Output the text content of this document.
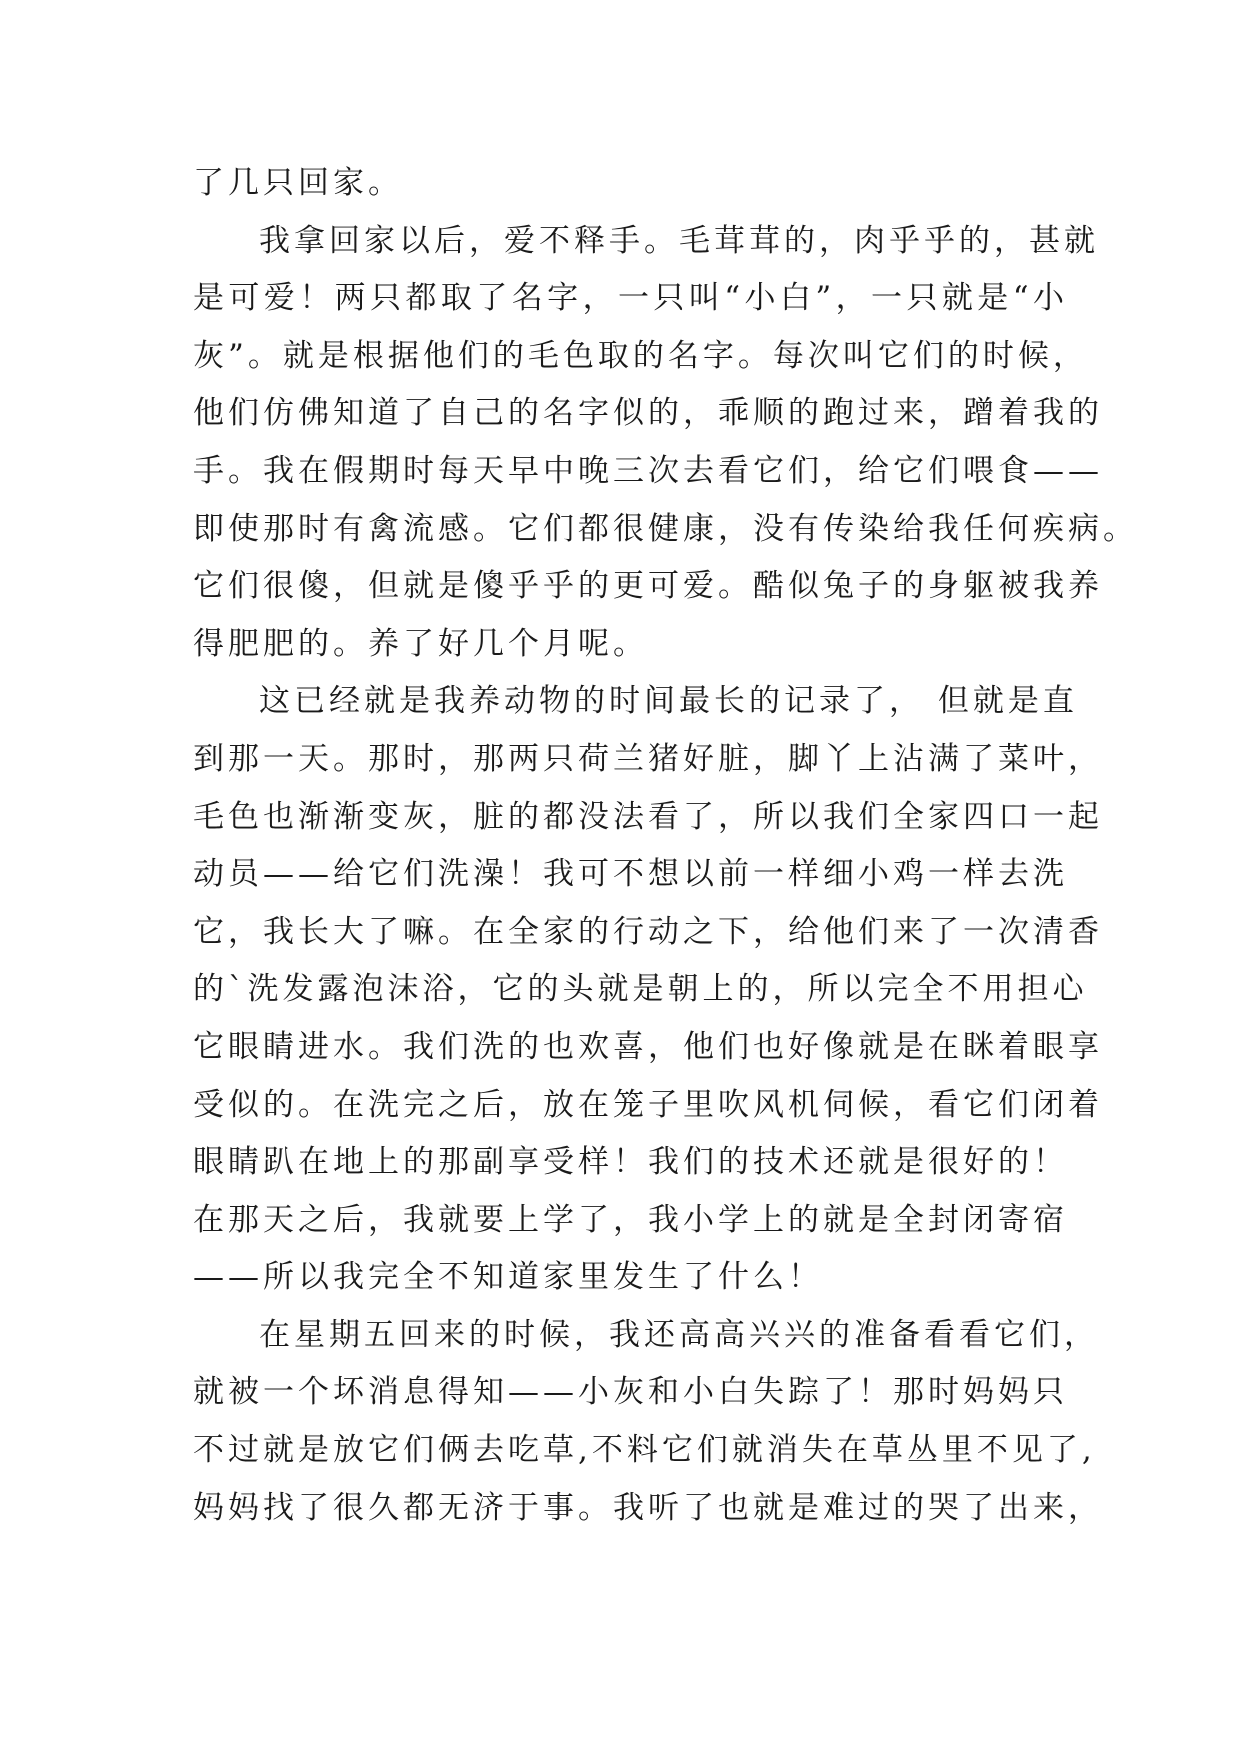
了几只回家。
我拿回家以后，爱不释手。毛茸茸的，肉乎乎的，甚就
是可爱！两只都取了名字，一只叫“小白”，一只就是“小
灰”。就是根据他们的毛色取的名字。每次叫它们的时候，
他们仿佛知道了自己的名字似的，乖顺的跑过来，蹭着我的
手。我在假期时每天早中晚三次去看它们，给它们喂食——
即使那时有禽流感。它们都很健康，没有传染给我任何疾病。
它们很傻，但就是傻乎乎的更可爱。酷似兔子的身躯被我养
得肥肥的。养了好几个月呢。
这已经就是我养动物的时间最长的记录了， 但就是直
到那一天。那时，那两只荷兰猪好脏，脚丫上沾满了菜叶，
毛色也渐渐变灰，脏的都没法看了，所以我们全家四口一起
动员——给它们洗澡！我可不想以前一样细小鸡一样去洗
它，我长大了嘛。在全家的行动之下，给他们来了一次清香
的`洗发露泡沫浴，它的头就是朝上的，所以完全不用担心
它眼睛进水。我们洗的也欢喜，他们也好像就是在眯着眼享
受似的。在洗完之后，放在笼子里吹风机伺候，看它们闭着
眼睛趴在地上的那副享受样！我们的技术还就是很好的！
在那天之后，我就要上学了，我小学上的就是全封闭寄宿
——所以我完全不知道家里发生了什么！
在星期五回来的时候，我还高高兴兴的准备看看它们，
就被一个坏消息得知——小灰和小白失踪了！那时妈妈只
不过就是放它们俩去吃草,不料它们就消失在草丛里不见了,
妈妈找了很久都无济于事。我听了也就是难过的哭了出来，
